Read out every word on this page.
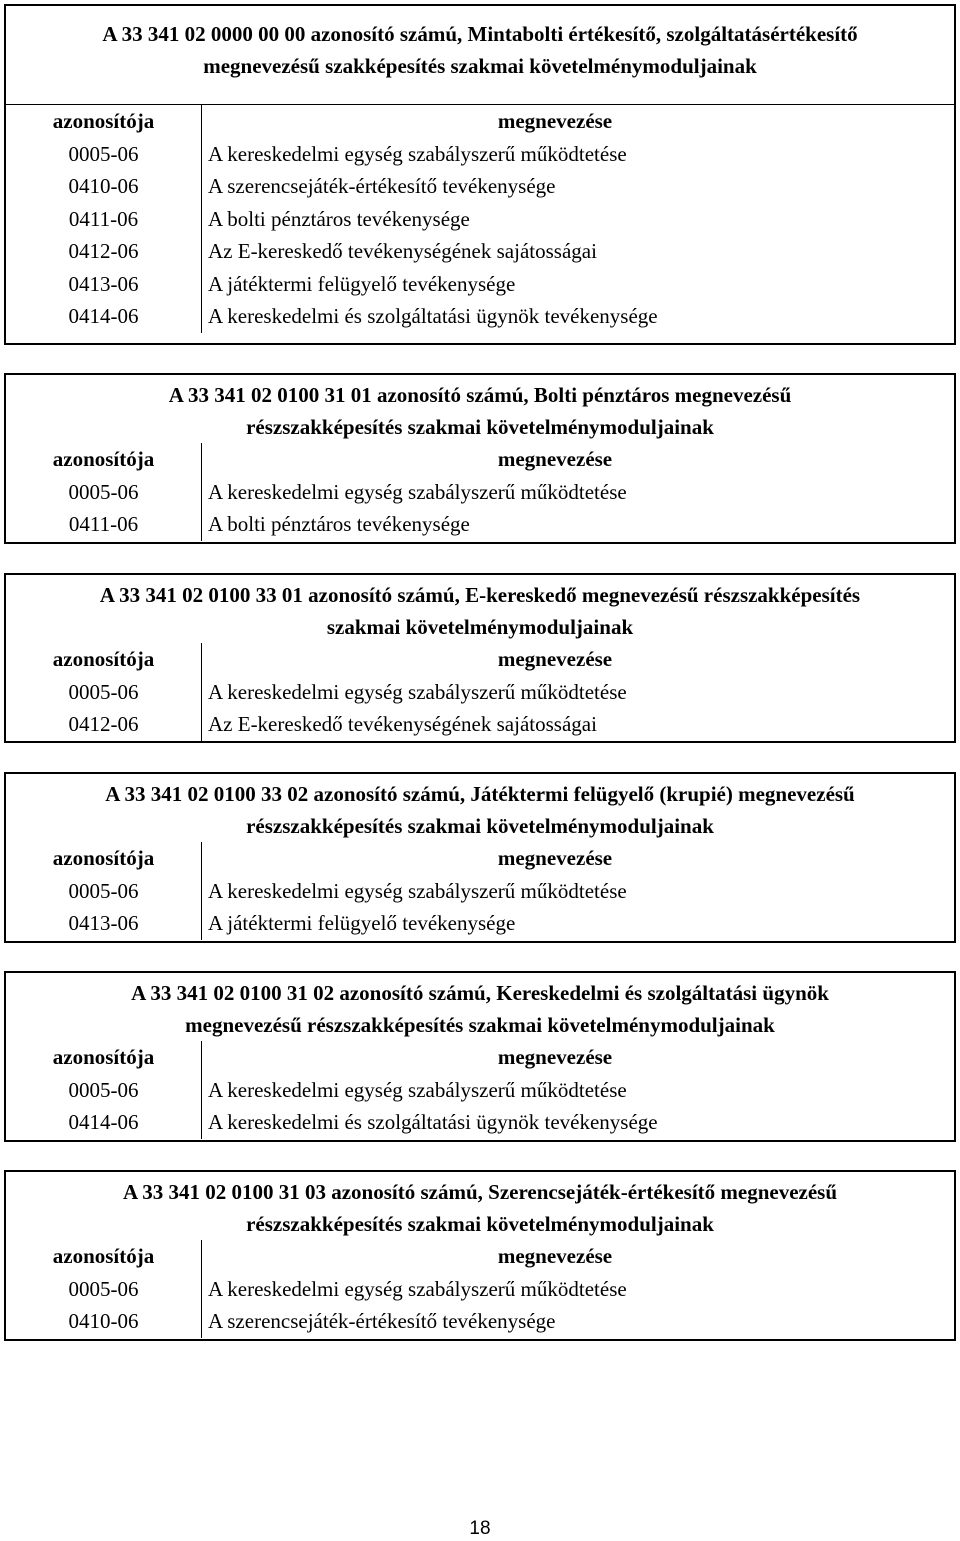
A 33 341 02 0000 00 00 azonosító számú, Mintabolti értékesítő, szolgáltatásértékesítő
megnevezésű szakképesítés szakmai követelménymoduljainak
azonosítója	megnevezése
0005-06	A kereskedelmi egység szabályszerű működtetése
0410-06	A szerencsejáték-értékesítő tevékenysége
0411-06	A bolti pénztáros tevékenysége
0412-06	Az E-kereskedő tevékenységének sajátosságai
0413-06	A játéktermi felügyelő tevékenysége
0414-06	A kereskedelmi és szolgáltatási ügynök tevékenysége
A 33 341 02 0100 31 01 azonosító számú, Bolti pénztáros megnevezésű
részszakképesítés szakmai követelménymoduljainak
azonosítója	megnevezése
0005-06	A kereskedelmi egység szabályszerű működtetése
0411-06	A bolti pénztáros tevékenysége
A 33 341 02 0100 33 01 azonosító számú, E-kereskedő megnevezésű részszakképesítés
szakmai követelménymoduljainak
azonosítója	megnevezése
0005-06	A kereskedelmi egység szabályszerű működtetése
0412-06	Az E-kereskedő tevékenységének sajátosságai
A 33 341 02 0100 33 02 azonosító számú, Játéktermi felügyelő (krupié) megnevezésű
részszakképesítés szakmai követelménymoduljainak
azonosítója	megnevezése
0005-06	A kereskedelmi egység szabályszerű működtetése
0413-06	A játéktermi felügyelő tevékenysége
A 33 341 02 0100 31 02 azonosító számú, Kereskedelmi és szolgáltatási ügynök
megnevezésű részszakképesítés szakmai követelménymoduljainak
azonosítója	megnevezése
0005-06	A kereskedelmi egység szabályszerű működtetése
0414-06	A kereskedelmi és szolgáltatási ügynök tevékenysége
A 33 341 02 0100 31 03 azonosító számú, Szerencsejáték-értékesítő megnevezésű
részszakképesítés szakmai követelménymoduljainak
azonosítója	megnevezése
0005-06	A kereskedelmi egység szabályszerű működtetése
0410-06	A szerencsejáték-értékesítő tevékenysége
18
